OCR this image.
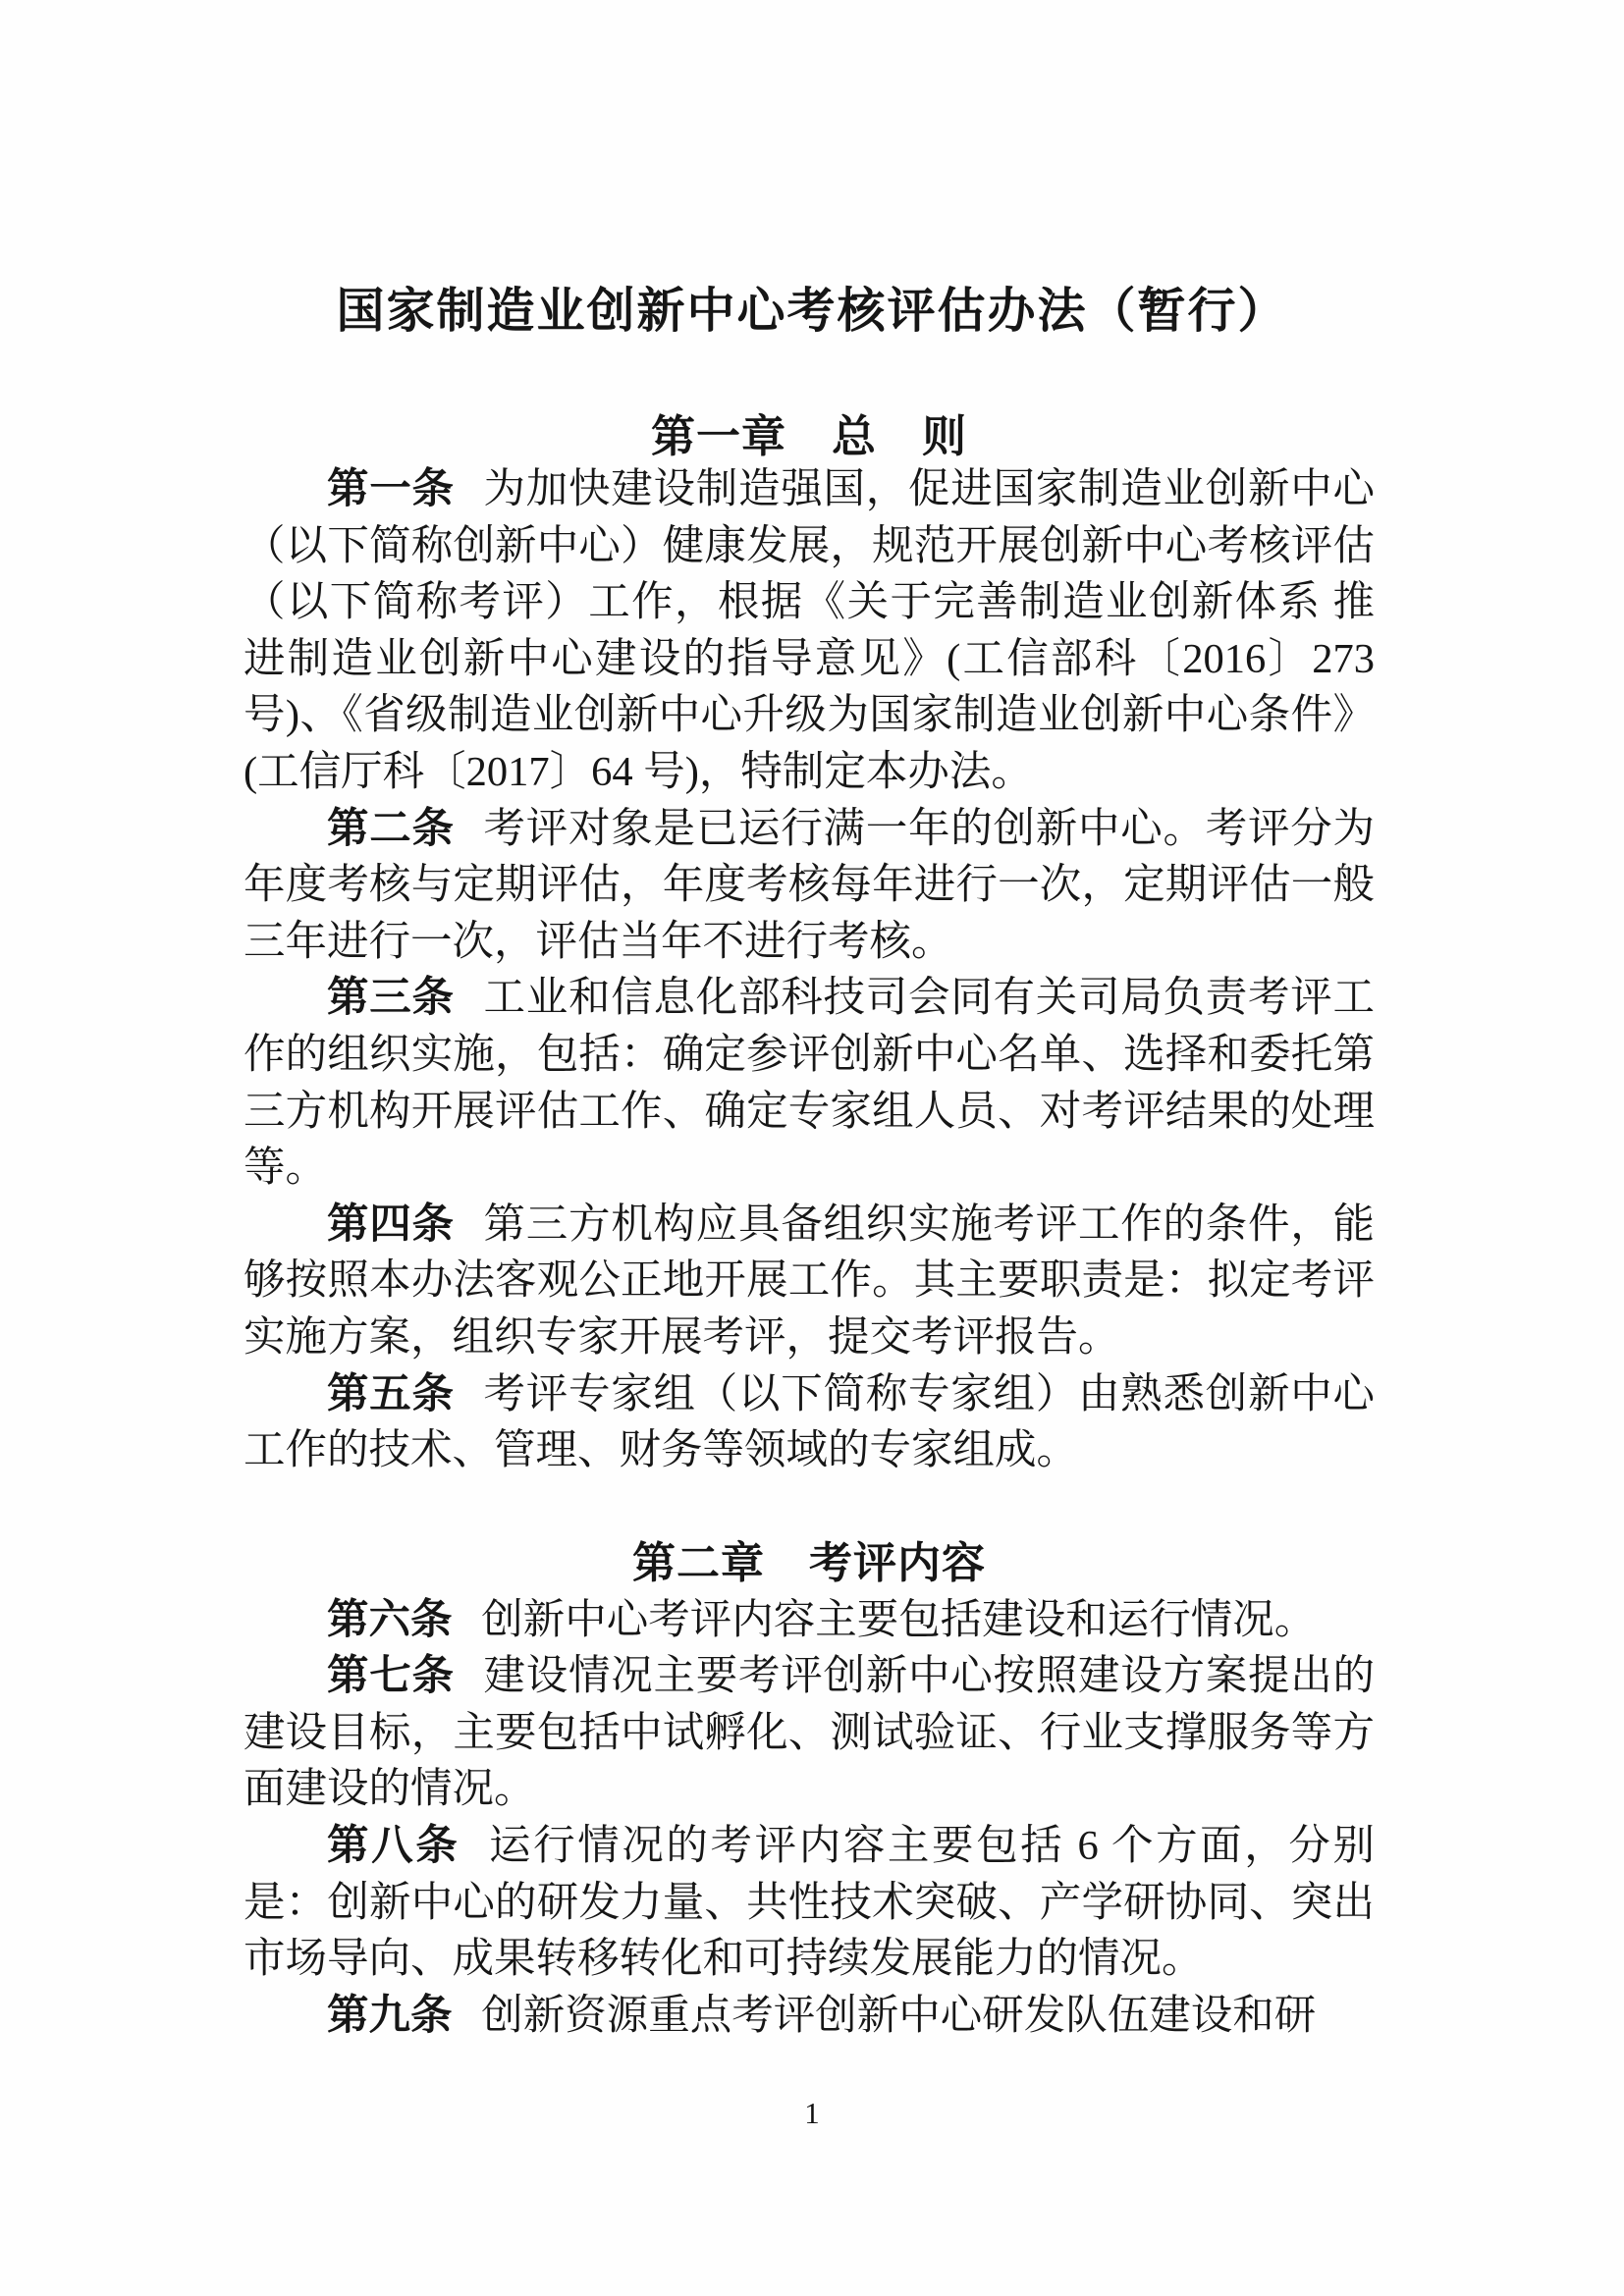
国家制造业创新中心考核评估办法（暂行）
第一章　总　则

第一条 为加快建设制造强国，促进国家制造业创新中心（以下简称创新中心）健康发展，规范开展创新中心考核评估（以下简称考评）工作，根据《关于完善制造业创新体系 推进制造业创新中心建设的指导意见》(工信部科〔2016〕273 号)、《省级制造业创新中心升级为国家制造业创新中心条件》(工信厅科〔2017〕64 号)，特制定本办法。

第二条 考评对象是已运行满一年的创新中心。考评分为年度考核与定期评估，年度考核每年进行一次，定期评估一般三年进行一次，评估当年不进行考核。

第三条 工业和信息化部科技司会同有关司局负责考评工作的组织实施，包括：确定参评创新中心名单、选择和委托第三方机构开展评估工作、确定专家组人员、对考评结果的处理等。

第四条 第三方机构应具备组织实施考评工作的条件，能够按照本办法客观公正地开展工作。其主要职责是：拟定考评实施方案，组织专家开展考评，提交考评报告。

第五条 考评专家组（以下简称专家组）由熟悉创新中心工作的技术、管理、财务等领域的专家组成。

第二章　考评内容

第六条 创新中心考评内容主要包括建设和运行情况。

第七条 建设情况主要考评创新中心按照建设方案提出的建设目标，主要包括中试孵化、测试验证、行业支撑服务等方面建设的情况。

第八条 运行情况的考评内容主要包括 6 个方面，分别是：创新中心的研发力量、共性技术突破、产学研协同、突出市场导向、成果转移转化和可持续发展能力的情况。

第九条 创新资源重点考评创新中心研发队伍建设和研

1
